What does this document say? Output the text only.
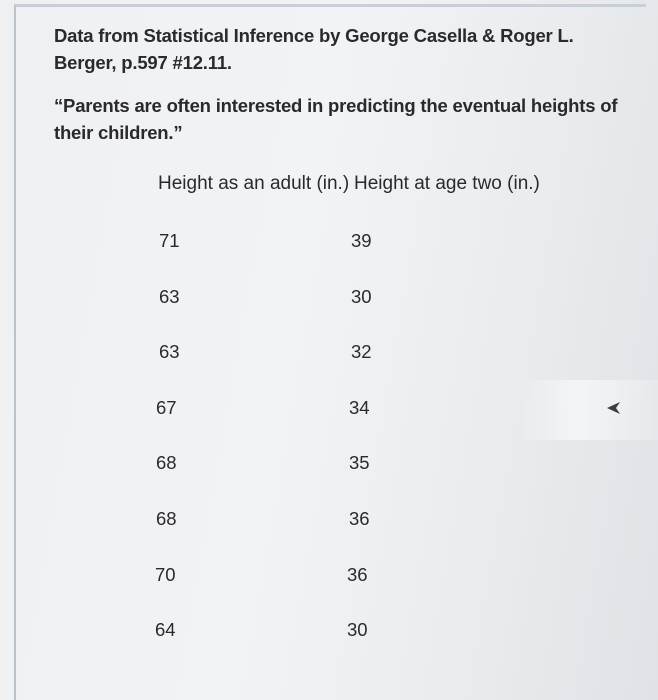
Data from Statistical Inference by George Casella & Roger L. Berger, p.597 #12.11.
“Parents are often interested in predicting the eventual heights of their children.”
Height as an adult (in.) Height at age two (in.)
71	39
63	30
63	32
67	34
68	35
68	36
70	36
64	30
